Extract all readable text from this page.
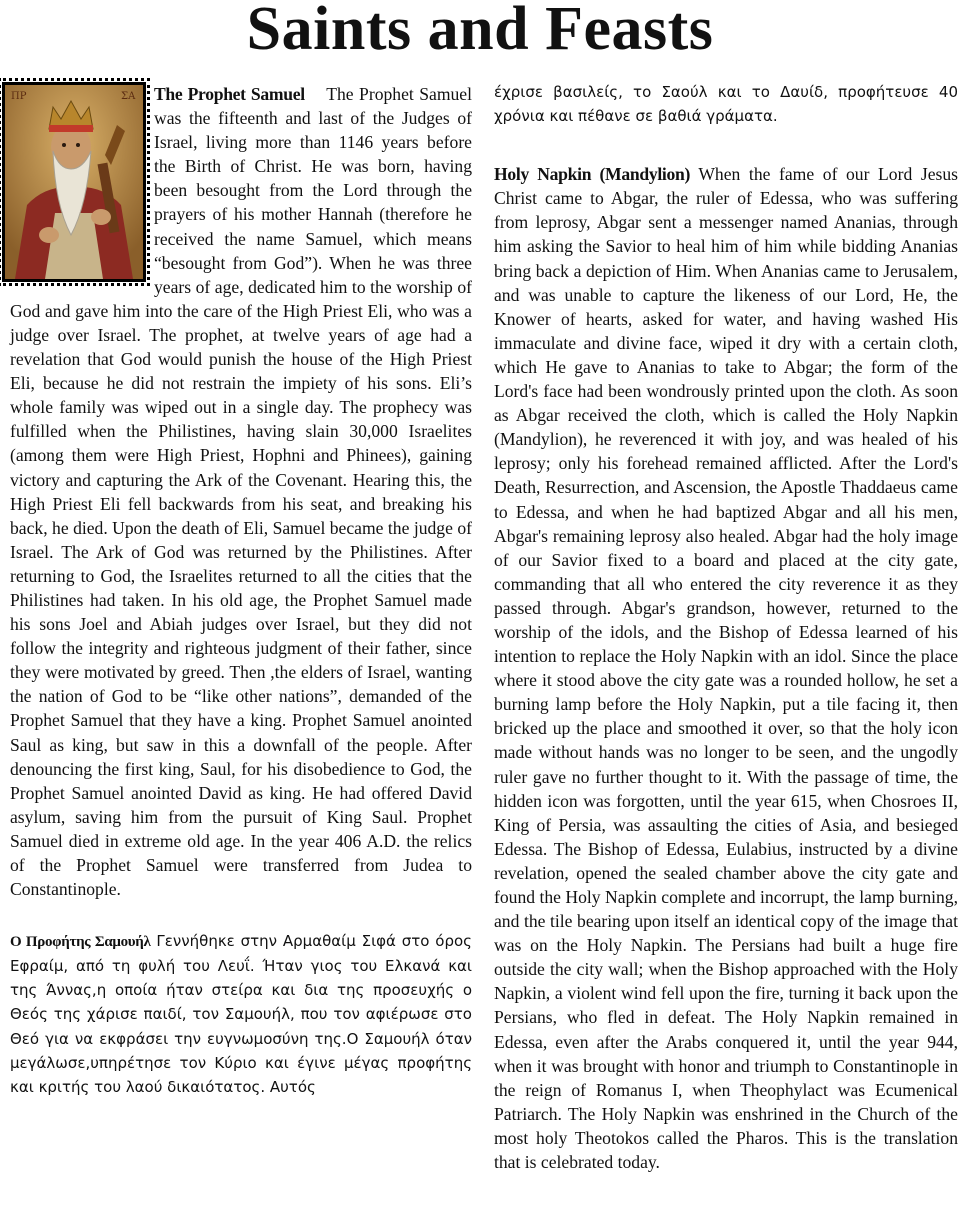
Saints and Feasts
ΠΡ	ΣΑ	The Prophet Samuel The Prophet Samuel was the fifteenth and last of the Judges of Israel, living more than 1146 years before the Birth of Christ. He was born, having been besought from the Lord through the prayers of his mother Hannah (therefore he received the name Samuel, which means “besought from God”). When he was three years of age, dedicated him to the worship of God and gave him into the care of the High Priest Eli, who was a judge over Israel. The prophet, at twelve years of age had a revelation that God would punish the house of the High Priest Eli, because he did not restrain the impiety of his sons. Eli’s whole family was wiped out in a single day. The prophecy was fulfilled when the Philistines, having slain 30,000 Israelites (among them were High Priest, Hophni and Phinees), gaining victory and capturing the Ark of the Covenant. Hearing this, the High Priest Eli fell backwards from his seat, and breaking his back, he died. Upon the death of Eli, Samuel became the judge of Israel. The Ark of God was returned by the Philistines. After returning to God, the Israelites returned to all the cities that the Philistines had taken. In his old age, the Prophet Samuel made his sons Joel and Abiah judges over Israel, but they did not follow the integrity and righteous judgment of their father, since they were motivated by greed. Then ,the elders of Israel, wanting the nation of God to be “like other nations”, demanded of the Prophet Samuel that they have a king. Prophet Samuel anointed Saul as king, but saw in this a downfall of the people. After denouncing the first king, Saul, for his disobedience to God, the Prophet Samuel anointed David as king. He had offered David asylum, saving him from the pursuit of King Saul. Prophet Samuel died in extreme old age. In the year 406 A.D. the relics of the Prophet Samuel were transferred from Judea to Constantinople.

Ο Προφήτης Σαμουήλ Γεννήθηκε στην Αρμαθαίμ Σιφά στο όρος Εφραίμ, από τη φυλή του Λευΐ. Ήταν γιος του Ελκανά και της Άννας,η οποία ήταν στείρα και δια της προσευχής ο Θεός της χάρισε παιδί, τον Σαμουήλ, που τον αφιέρωσε στο Θεό για να εκφράσει την ευγνωμοσύνη της.Ο Σαμουήλ όταν μεγάλωσε,υπηρέτησε τον Κύριο και έγινε μέγας προφήτης και κριτής του λαού δικαιότατος. Αυτός

έχρισε βασιλείς, το Σαούλ και το Δαυίδ, προφήτευσε 40 χρόνια και πέθανε σε βαθιά γράματα.

Holy Napkin (Mandylion) When the fame of our Lord Jesus Christ came to Abgar, the ruler of Edessa, who was suffering from leprosy, Abgar sent a messenger named Ananias, through him asking the Savior to heal him of him while bidding Ananias bring back a depiction of Him. When Ananias came to Jerusalem, and was unable to capture the likeness of our Lord, He, the Knower of hearts, asked for water, and having washed His immaculate and divine face, wiped it dry with a certain cloth, which He gave to Ananias to take to Abgar; the form of the Lord's face had been wondrously printed upon the cloth. As soon as Abgar received the cloth, which is called the Holy Napkin (Mandylion), he reverenced it with joy, and was healed of his leprosy; only his forehead remained afflicted. After the Lord's Death, Resurrection, and Ascension, the Apostle Thaddaeus came to Edessa, and when he had baptized Abgar and all his men, Abgar's remaining leprosy also healed. Abgar had the holy image of our Savior fixed to a board and placed at the city gate, commanding that all who entered the city reverence it as they passed through. Abgar's grandson, however, returned to the worship of the idols, and the Bishop of Edessa learned of his intention to replace the Holy Napkin with an idol. Since the place where it stood above the city gate was a rounded hollow, he set a burning lamp before the Holy Napkin, put a tile facing it, then bricked up the place and smoothed it over, so that the holy icon made without hands was no longer to be seen, and the ungodly ruler gave no further thought to it. With the passage of time, the hidden icon was forgotten, until the year 615, when Chosroes II, King of Persia, was assaulting the cities of Asia, and besieged Edessa. The Bishop of Edessa, Eulabius, instructed by a divine revelation, opened the sealed chamber above the city gate and found the Holy Napkin complete and incorrupt, the lamp burning, and the tile bearing upon itself an identical copy of the image that was on the Holy Napkin. The Persians had built a huge fire outside the city wall; when the Bishop approached with the Holy Napkin, a violent wind fell upon the fire, turning it back upon the Persians, who fled in defeat. The Holy Napkin remained in Edessa, even after the Arabs conquered it, until the year 944, when it was brought with honor and triumph to Constantinople in the reign of Romanus I, when Theophylact was Ecumenical Patriarch. The Holy Napkin was enshrined in the Church of the most holy Theotokos called the Pharos. This is the translation that is celebrated today.
